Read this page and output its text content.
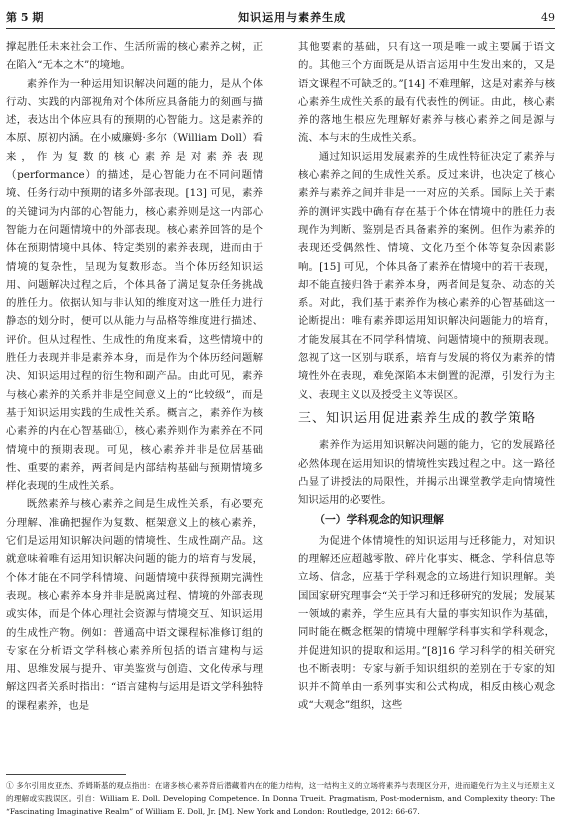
第 5 期	知识运用与素养生成	49

撑起胜任未来社会工作、生活所需的核心素养之树，正在陷入“无本之木”的境地。

素养作为一种运用知识解决问题的能力，是从个体行动、实践的内部视角对个体所应具备能力的刻画与描述，表达出个体应具有的预期的心智能力。这是素养的本原、原初内涵。在小威廉姆·多尔（William Doll）看来，作为复数的核心素养是对素养表现（performance）的描述，是心智能力在不同问题情境、任务行动中预期的诸多外部表现。[13] 可见，素养的关键词为内部的心智能力，核心素养则是这一内部心智能力在问题情境中的外部表现。核心素养回答的是个体在预期情境中具体、特定类别的素养表现，进而由于情境的复杂性，呈现为复数形态。当个体历经知识运用、问题解决过程之后，个体具备了满足复杂任务挑战的胜任力。依据认知与非认知的维度对这一胜任力进行静态的划分时，便可以从能力与品格等维度进行描述、评价。但从过程性、生成性的角度来看，这些情境中的胜任力表现并非是素养本身，而是作为个体历经问题解决、知识运用过程的衍生物和副产品。由此可见，素养与核心素养的关系并非是空间意义上的“比较级”，而是基于知识运用实践的生成性关系。概言之，素养作为核心素养的内在心智基础①，核心素养则作为素养在不同情境中的预期表现。可见，核心素养并非是位居基础性、重要的素养，两者间是内部结构基础与预期情境多样化表现的生成性关系。

既然素养与核心素养之间是生成性关系，有必要充分理解、准确把握作为复数、框架意义上的核心素养，它们是运用知识解决问题的情境性、生成性副产品。这就意味着唯有运用知识解决问题的能力的培育与发展，个体才能在不同学科情境、问题情境中获得预期完满性表现。核心素养本身并非是脱离过程、情境的外部表现或实体，而是个体心理社会资源与情境交互、知识运用的生成性产物。例如：普通高中语文课程标准修订组的专家在分析语文学科核心素养所包括的语言建构与运用、思维发展与提升、审美鉴赏与创造、文化传承与理解这四者关系时指出：“语言建构与运用是语文学科独特的课程素养，也是

其他要素的基础，只有这一项是唯一或主要属于语文的。其他三个方面既是从语言运用中生发出来的，又是语文课程不可缺乏的。”[14] 不难理解，这是对素养与核心素养生成性关系的最有代表性的例证。由此，核心素养的落地生根应先理解好素养与核心素养之间是源与流、本与末的生成性关系。

通过知识运用发展素养的生成性特征决定了素养与核心素养之间的生成性关系。反过来讲，也决定了核心素养与素养之间并非是一一对应的关系。国际上关于素养的测评实践中确有存在基于个体在情境中的胜任力表现作为判断、鉴别是否具备素养的案例。但作为素养的表现还受偶然性、情境、文化乃至个体等复杂因素影响。[15] 可见，个体具备了素养在情境中的若干表现，却不能直接归咎于素养本身，两者间是复杂、动态的关系。对此，我们基于素养作为核心素养的心智基础这一论断提出：唯有素养即运用知识解决问题能力的培育，才能发展其在不同学科情境、问题情境中的预期表现。忽视了这一区别与联系，培育与发展的将仅为素养的情境性外在表现，难免深陷本末倒置的泥潭，引发行为主义、表现主义以及授受主义等误区。

三、知识运用促进素养生成的教学策略

素养作为运用知识解决问题的能力，它的发展路径必然体现在运用知识的情境性实践过程之中。这一路径凸显了讲授法的局限性，并揭示出课堂教学走向情境性知识运用的必要性。

（一）学科观念的知识理解

为促进个体情境性的知识运用与迁移能力，对知识的理解还应超越零散、碎片化事实、概念、学科信息等立场、信念，应基于学科观念的立场进行知识理解。美国国家研究理事会“关于学习和迁移研究的发展；发展某一领域的素养，学生应具有大量的事实知识作为基础，同时能在概念框架的情境中理解学科事实和学科观念，并促进知识的提取和运用。”[8]16 学习科学的相关研究也不断表明：专家与新手知识组织的差别在于专家的知识并不简单由一系列事实和公式构成，相反由核心观念或“大观念”组织，这些

① 多尔引用皮亚杰、乔姆斯基的观点指出：在诸多核心素养背后潜藏着内在的能力结构，这一结构主义的立场将素养与表现区分开，进而避免行为主义与还原主义的理解或实践误区。引自：William E. Doll. Developing Competence. In Donna Trueit. Pragmatism, Post-modernism, and Complexity theory: The “Fascinating Imaginative Realm” of William E. Doll, Jr. [M]. New York and London: Routledge, 2012: 66-67.
